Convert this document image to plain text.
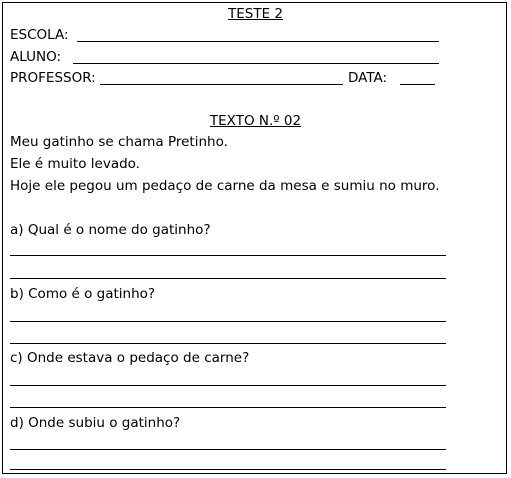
TESTE 2
ESCOLA:
ALUNO:
PROFESSOR:	DATA:
TEXTO N.º 02
Meu gatinho se chama Pretinho.
Ele é muito levado.
Hoje ele pegou um pedaço de carne da mesa e sumiu no muro.
a) Qual é o nome do gatinho?
b) Como é o gatinho?
c) Onde estava o pedaço de carne?
d) Onde subiu o gatinho?
